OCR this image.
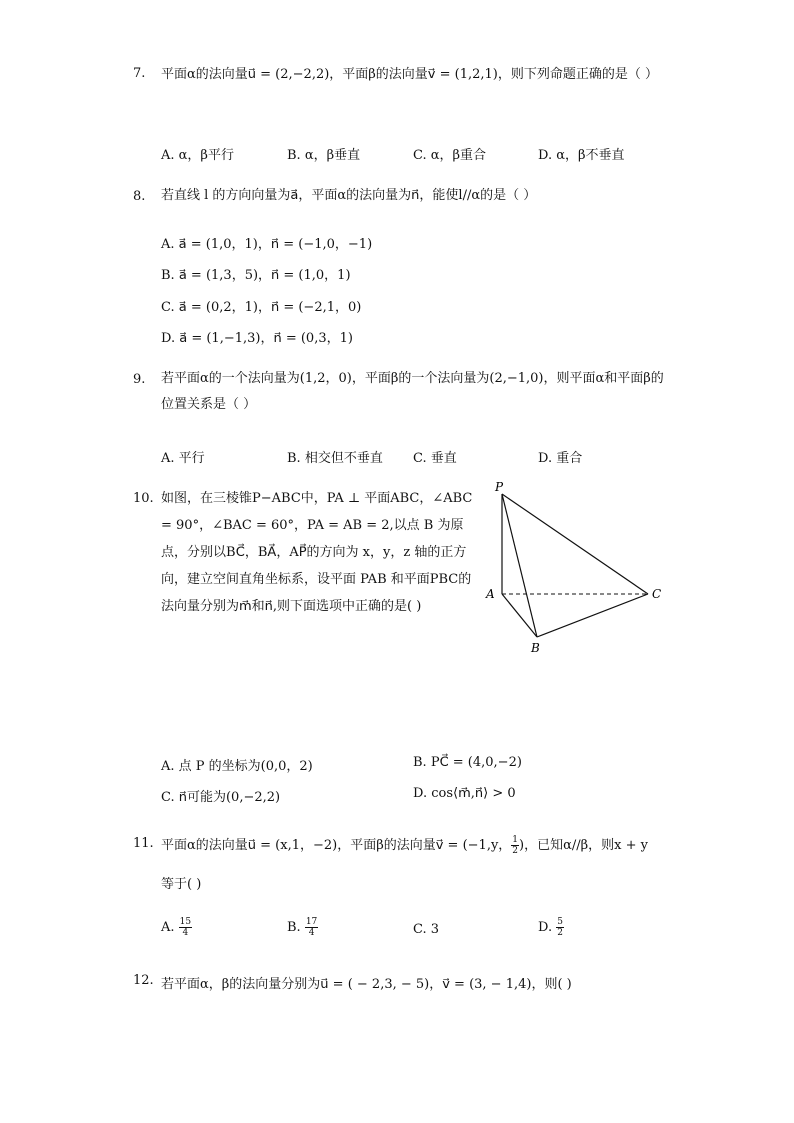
7.	平面α的法向量u⃗ = (2,−2,2)，平面β的法向量v⃗ = (1,2,1)，则下列命题正确的是（ ）
A. α，β平行	B. α，β垂直	C. α，β重合	D. α，β不垂直
8.	若直线 l 的方向向量为a⃗，平面α的法向量为n⃗，能使l//α的是（ ）
A. a⃗ = (1,0，1)，n⃗ = (−1,0，−1)
B. a⃗ = (1,3，5)，n⃗ = (1,0，1)
C. a⃗ = (0,2，1)，n⃗ = (−2,1，0)
D. a⃗ = (1,−1,3)，n⃗ = (0,3，1)
9.	若平面α的一个法向量为(1,2，0)，平面β的一个法向量为(2,−1,0)，则平面α和平面β的位置关系是（ ）
A. 平行	B. 相交但不垂直 C. 垂直	D. 重合
10. 如图，在三棱锥P−ABC中，PA ⊥ 平面ABC，∠ABC = 90°，∠BAC = 60°，PA = AB = 2,以点 B 为原点，分别以BC⃗，BA⃗，AP⃗的方向为 x，y，z 轴的正方向，建立空间直角坐标系，设平面 PAB 和平面PBC的法向量分别为m⃗和n⃗,则下面选项中正确的是( )
P
A
B
C
A. 点 P 的坐标为(0,0，2)	B. PC⃗ = (4,0,−2)
C. n⃗可能为(0,−2,2)	D. cos⟨m⃗,n⃗⟩ > 0
11. 平面α的法向量u⃗ = (x,1，−2)，平面β的法向量v⃗ = (−1,y， $\frac{1}{2}$ )，已知α//β，则x + y
等于( )
A. $\frac{15}{4}$	B. $\frac{17}{4}$	C. 3	D. $\frac{5}{2}$
12. 若平面α，β的法向量分别为u⃗ = ( − 2,3, − 5)，v⃗ = (3, − 1,4)，则( )
